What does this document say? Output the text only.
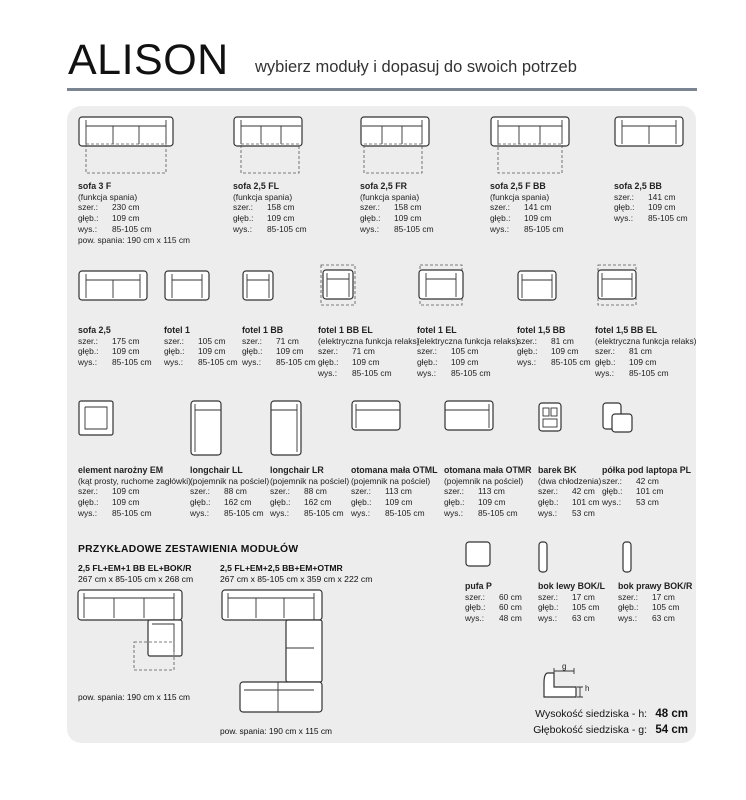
ALISON wybierz moduły i dopasuj do swoich potrzeb
g
h
Wysokość siedziska - h: 48 cm
Głębokość siedziska - g: 54 cm
PRZYKŁADOWE ZESTAWIENIA MODUŁÓW
2,5 FL+EM+1 BB EL+BOK/R
267 cm x 85-105 cm x 268 cm
2,5 FL+EM+2,5 BB+EM+OTMR
267 cm x 85-105 cm x 359 cm x 222 cm
pow. spania: 190 cm x 115 cm
pow. spania: 190 cm x 115 cm
sofa 3 F
(funkcja spania)
szer.:	230 cm
głęb.:	109 cm
wys.:	85-105 cm
pow. spania: 190 cm x 115 cm
sofa 2,5 FL
(funkcja spania)
szer.:	158 cm
głęb.:	109 cm
wys.:	85-105 cm
sofa 2,5 FR
(funkcja spania)
szer.:	158 cm
głęb.:	109 cm
wys.:	85-105 cm
sofa 2,5 F BB
(funkcja spania)
szer.:	141 cm
głęb.:	109 cm
wys.:	85-105 cm
sofa 2,5 BB
szer.:	141 cm
głęb.:	109 cm
wys.:	85-105 cm
sofa 2,5
szer.:	175 cm
głęb.:	109 cm
wys.:	85-105 cm
fotel 1
szer.:	105 cm
głęb.:	109 cm
wys.:	85-105 cm
fotel 1 BB
szer.:	71 cm
głęb.:	109 cm
wys.:	85-105 cm
fotel 1 BB EL
(elektryczna funkcja relaks)
szer.:	71 cm
głęb.:	109 cm
wys.:	85-105 cm
fotel 1 EL
(elektryczna funkcja relaks)
szer.:	105 cm
głęb.:	109 cm
wys.:	85-105 cm
fotel 1,5 BB
szer.:	81 cm
głęb.:	109 cm
wys.:	85-105 cm
fotel 1,5 BB EL
(elektryczna funkcja relaks)
szer.:	81 cm
głęb.:	109 cm
wys.:	85-105 cm
element narożny EM
(kąt prosty, ruchome zagłówki)
szer.:	109 cm
głęb.:	109 cm
wys.:	85-105 cm
longchair LL
(pojemnik na pościel)
szer.:	88 cm
głęb.:	162 cm
wys.:	85-105 cm
longchair LR
(pojemnik na pościel)
szer.:	88 cm
głęb.:	162 cm
wys.:	85-105 cm
otomana mała OTML
(pojemnik na pościel)
szer.:	113 cm
głęb.:	109 cm
wys.:	85-105 cm
otomana mała OTMR
(pojemnik na pościel)
szer.:	113 cm
głęb.:	109 cm
wys.:	85-105 cm
barek BK
(dwa chłodzenia)
szer.:	42 cm
głęb.:	101 cm
wys.:	53 cm
półka pod laptopa PL
szer.:	42 cm
głęb.:	101 cm
wys.:	53 cm
pufa P
szer.:	60 cm
głęb.:	60 cm
wys.:	48 cm
bok lewy BOK/L
szer.:	17 cm
głęb.:	105 cm
wys.:	63 cm
bok prawy BOK/R
szer.:	17 cm
głęb.:	105 cm
wys.:	63 cm
